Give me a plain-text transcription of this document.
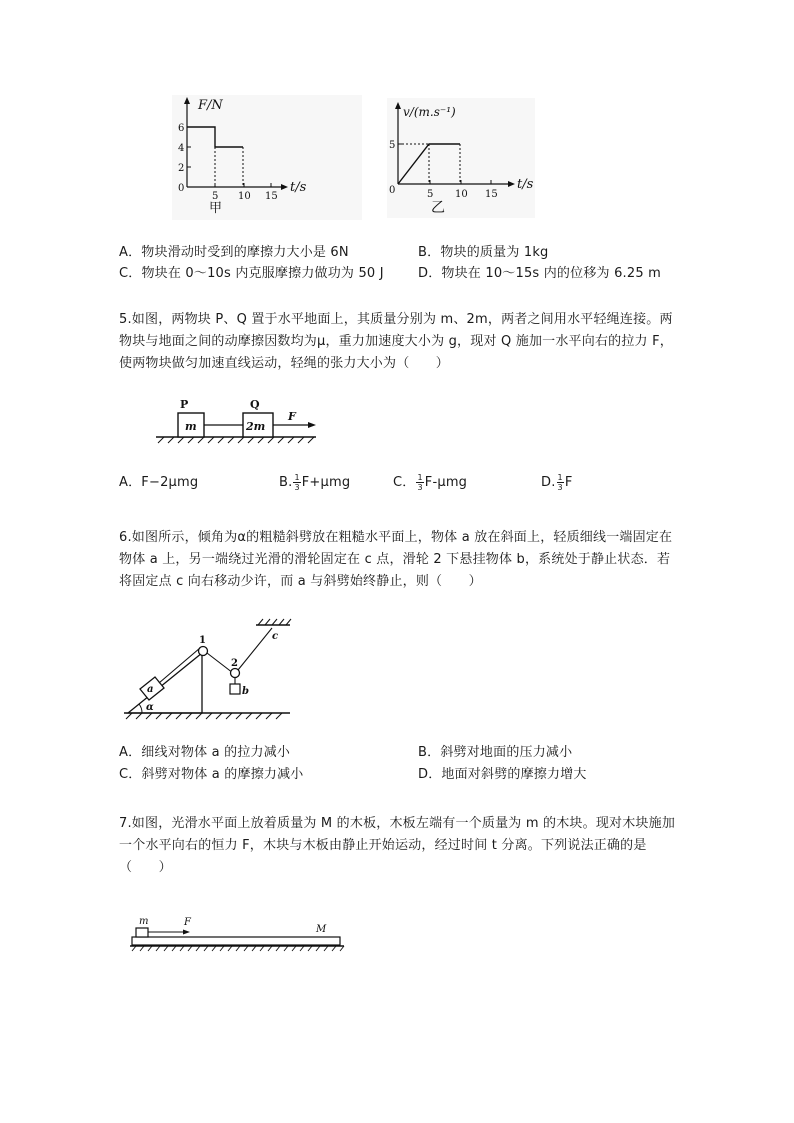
F/N
6
4
2
0
5 10 15
t/s
甲
v/(m.s⁻¹)
5
0	5 10 15
t/s
乙
A．物块滑动时受到的摩擦力大小是 6N	B．物块的质量为 1kg
C．物块在 0～10s 内克服摩擦力做功为 50 J	D．物块在 10～15s 内的位移为 6.25 m
5.如图，两物块 P、Q 置于水平地面上，其质量分别为 m、2m，两者之间用水平轻绳连接。两物块与地面之间的动摩擦因数均为μ，重力加速度大小为 g，现对 Q 施加一水平向右的拉力 F，使两物块做匀加速直线运动，轻绳的张力大小为（　　）
P
m
Q
2m
F
A．F−2μmg	B. $\frac{1}{3} F+\mu mg$	C． $\frac{1}{3} F-\mu mg$	D. $\frac{1}{3}$ F
6.如图所示，倾角为α的粗糙斜劈放在粗糙水平面上，物体 a 放在斜面上，轻质细线一端固定在物体 a 上，另一端绕过光滑的滑轮固定在 c 点，滑轮 2 下悬挂物体 b，系统处于静止状态．若将固定点 c 向右移动少许，而 a 与斜劈始终静止，则（　　）
1
a
2
c
b
α
A．细线对物体 a 的拉力减小	B．斜劈对地面的压力减小
C．斜劈对物体 a 的摩擦力减小	D．地面对斜劈的摩擦力增大
7.如图，光滑水平面上放着质量为 M 的木板，木板左端有一个质量为 m 的木块。现对木块施加一个水平向右的恒力 F，木块与木板由静止开始运动，经过时间 t 分离。下列说法正确的是（　　）
M
m	F
